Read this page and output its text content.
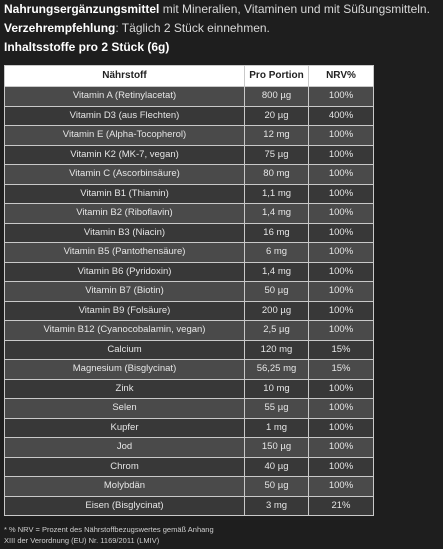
Nahrungsergänzungsmittel mit Mineralien, Vitaminen und mit Süßungsmitteln.

Verzehrempfehlung: Täglich 2 Stück einnehmen.

Inhaltsstoffe pro 2 Stück (6g)

Nährstoff	Pro Portion	NRV%
Vitamin A (Retinylacetat)	800 µg	100%
Vitamin D3 (aus Flechten)	20 µg	400%
Vitamin E (Alpha-Tocopherol)	12 mg	100%
Vitamin K2 (MK-7, vegan)	75 µg	100%
Vitamin C (Ascorbinsäure)	80 mg	100%
Vitamin B1 (Thiamin)	1,1 mg	100%
Vitamin B2 (Riboflavin)	1,4 mg	100%
Vitamin B3 (Niacin)	16 mg	100%
Vitamin B5 (Pantothensäure)	6 mg	100%
Vitamin B6 (Pyridoxin)	1,4 mg	100%
Vitamin B7 (Biotin)	50 µg	100%
Vitamin B9 (Folsäure)	200 µg	100%
Vitamin B12 (Cyanocobalamin, vegan)	2,5 µg	100%
Calcium	120 mg	15%
Magnesium (Bisglycinat)	56,25 mg	15%
Zink	10 mg	100%
Selen	55 µg	100%
Kupfer	1 mg	100%
Jod	150 µg	100%
Chrom	40 µg	100%
Molybdän	50 µg	100%
Eisen (Bisglycinat)	3 mg	21%
* % NRV = Prozent des Nährstoffbezugswertes gemäß Anhang
XIII der Verordnung (EU) Nr. 1169/2011 (LMIV)
